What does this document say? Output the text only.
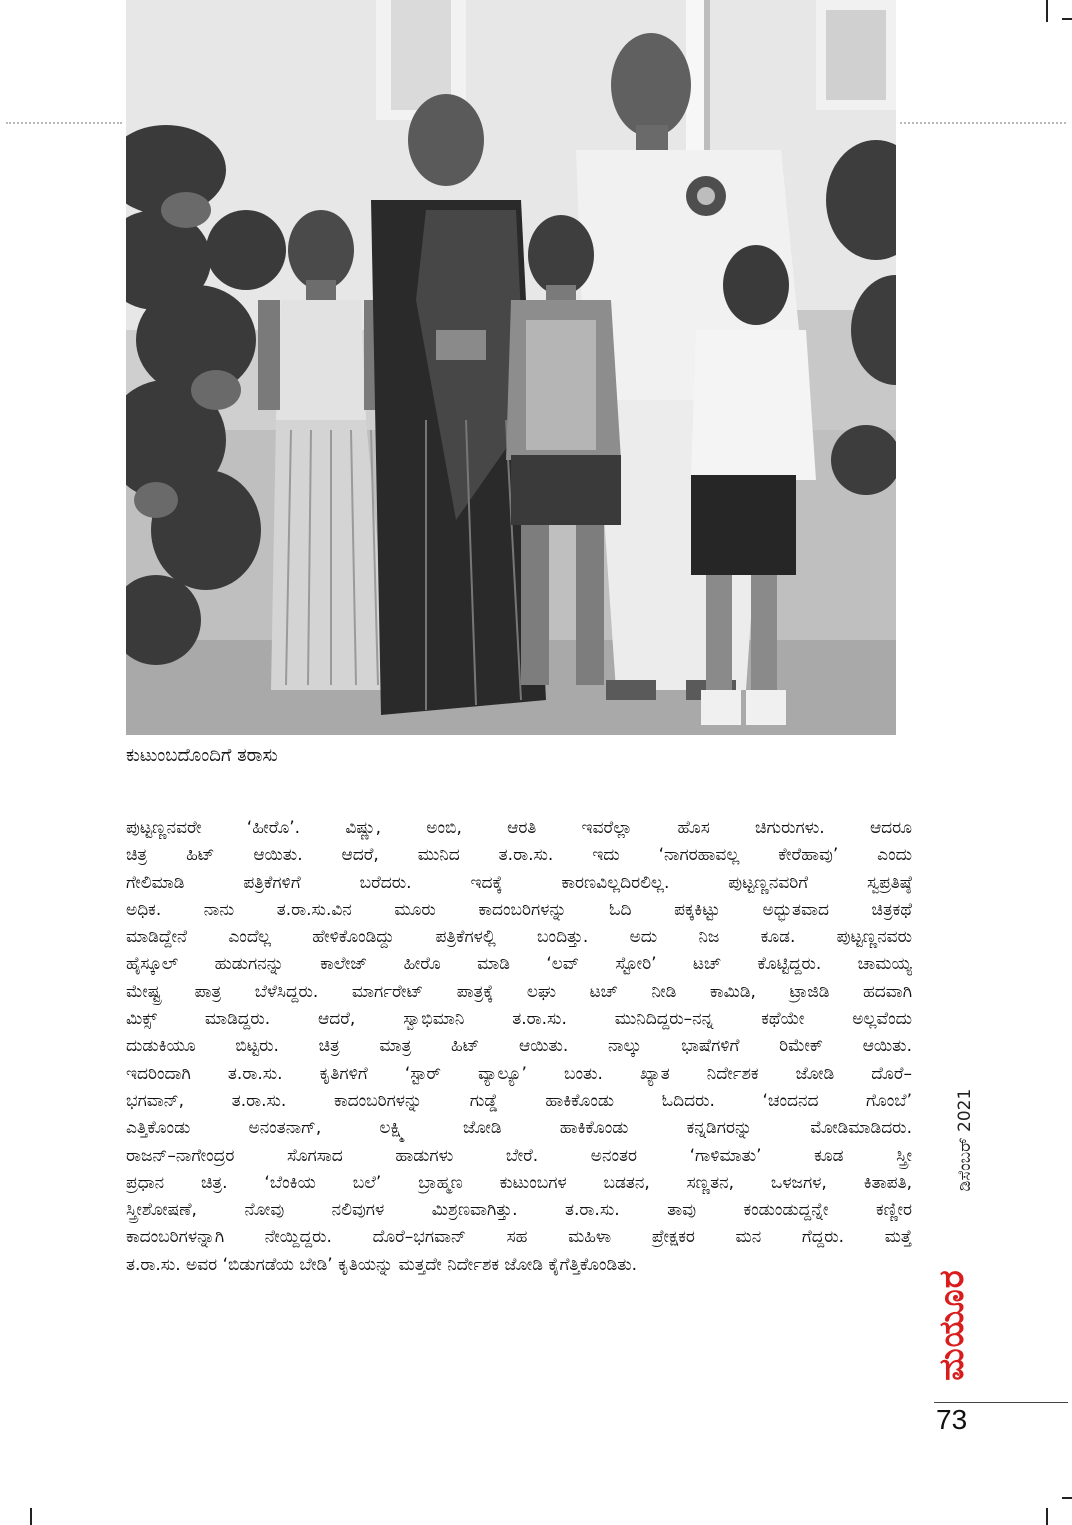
ಕುಟುಂಬದೊಂದಿಗೆ ತರಾಸು
ಪುಟ್ಟಣ್ಣನವರೇ ‘ಹೀರೊ’. ವಿಷ್ಣು, ಅಂಬಿ, ಆರತಿ ಇವರೆಲ್ಲಾ ಹೊಸ ಚಿಗುರುಗಳು. ಆದರೂ
ಚಿತ್ರ ಹಿಟ್ ಆಯಿತು. ಆದರೆ, ಮುನಿದ ತ.ರಾ.ಸು. ಇದು ‘ನಾಗರಹಾವಲ್ಲ ಕೇರೆಹಾವು’ ಎಂದು
ಗೇಲಿಮಾಡಿ ಪತ್ರಿಕೆಗಳಿಗೆ ಬರೆದರು. ಇದಕ್ಕೆ ಕಾರಣವಿಲ್ಲದಿರಲಿಲ್ಲ. ಪುಟ್ಟಣ್ಣನವರಿಗೆ ಸ್ವಪ್ರತಿಷ್ಠೆ
ಅಧಿಕ. ನಾನು ತ.ರಾ.ಸು.ವಿನ ಮೂರು ಕಾದಂಬರಿಗಳನ್ನು ಓದಿ ಪಕ್ಕಕಿಟ್ಟು ಅದ್ಭುತವಾದ ಚಿತ್ರಕಥೆ
ಮಾಡಿದ್ದೇನೆ ಎಂದೆಲ್ಲ ಹೇಳಿಕೊಂಡಿದ್ದು ಪತ್ರಿಕೆಗಳಲ್ಲಿ ಬಂದಿತ್ತು. ಅದು ನಿಜ ಕೂಡ. ಪುಟ್ಟಣ್ಣನವರು
ಹೈಸ್ಕೂಲ್ ಹುಡುಗನನ್ನು ಕಾಲೇಜ್ ಹೀರೊ ಮಾಡಿ ‘ಲವ್ ಸ್ಟೋರಿ’ ಟಚ್ ಕೊಟ್ಟಿದ್ದರು. ಚಾಮಯ್ಯ
ಮೇಷ್ಟ್ರ ಪಾತ್ರ ಬೆಳೆಸಿದ್ದರು. ಮಾರ್ಗರೇಟ್ ಪಾತ್ರಕ್ಕೆ ಲಘು ಟಚ್ ನೀಡಿ ಕಾಮಿಡಿ, ಟ್ರಾಜಿಡಿ ಹದವಾಗಿ
ಮಿಕ್ಸ್ ಮಾಡಿದ್ದರು. ಆದರೆ, ಸ್ವಾಭಿಮಾನಿ ತ.ರಾ.ಸು. ಮುನಿದಿದ್ದರು–ನನ್ನ ಕಥೆಯೇ ಅಲ್ಲವೆಂದು
ದುಡುಕಿಯೂ ಬಿಟ್ಟರು. ಚಿತ್ರ ಮಾತ್ರ ಹಿಟ್ ಆಯಿತು. ನಾಲ್ಕು ಭಾಷೆಗಳಿಗೆ ರಿಮೇಕ್ ಆಯಿತು.
ಇದರಿಂದಾಗಿ ತ.ರಾ.ಸು. ಕೃತಿಗಳಿಗೆ ‘ಸ್ಟಾರ್ ವ್ಯಾಲ್ಯೂ’ ಬಂತು. ಖ್ಯಾತ ನಿರ್ದೇಶಕ ಜೋಡಿ ದೊರೆ–
ಭಗವಾನ್, ತ.ರಾ.ಸು. ಕಾದಂಬರಿಗಳನ್ನು ಗುಡ್ಡೆ ಹಾಕಿಕೊಂಡು ಓದಿದರು. ‘ಚಂದನದ ಗೊಂಬೆ’
ಎತ್ತಿಕೊಂಡು ಅನಂತನಾಗ್, ಲಕ್ಷ್ಮಿ ಜೋಡಿ ಹಾಕಿಕೊಂಡು ಕನ್ನಡಿಗರನ್ನು ಮೋಡಿಮಾಡಿದರು.
ರಾಜನ್–ನಾಗೇಂದ್ರರ ಸೊಗಸಾದ ಹಾಡುಗಳು ಬೇರೆ. ಅನಂತರ ‘ಗಾಳಿಮಾತು’ ಕೂಡ ಸ್ತ್ರೀ
ಪ್ರಧಾನ ಚಿತ್ರ. ‘ಬೆಂಕಿಯ ಬಲೆ’ ಬ್ರಾಹ್ಮಣ ಕುಟುಂಬಗಳ ಬಡತನ, ಸಣ್ಣತನ, ಒಳಜಗಳ, ಕಿತಾಪತಿ,
ಸ್ತ್ರೀಶೋಷಣೆ, ನೋವು ನಲಿವುಗಳ ಮಿಶ್ರಣವಾಗಿತ್ತು. ತ.ರಾ.ಸು. ತಾವು ಕಂಡುಂಡುದ್ದನ್ನೇ ಕಣ್ಣೀರ
ಕಾದಂಬರಿಗಳನ್ನಾಗಿ ನೇಯ್ದಿದ್ದರು. ದೊರೆ–ಭಗವಾನ್ ಸಹ ಮಹಿಳಾ ಪ್ರೇಕ್ಷಕರ ಮನ ಗೆದ್ದರು. ಮತ್ತೆ
ತ.ರಾ.ಸು. ಅವರ ‘ಬಿಡುಗಡೆಯ ಬೇಡಿ’ ಕೃತಿಯನ್ನು ಮತ್ತದೇ ನಿರ್ದೇಶಕ ಜೋಡಿ ಕೈಗೆತ್ತಿಕೊಂಡಿತು.
ಡಿಸೆಂಬರ್ 2021
ಮಯೂರ
73
